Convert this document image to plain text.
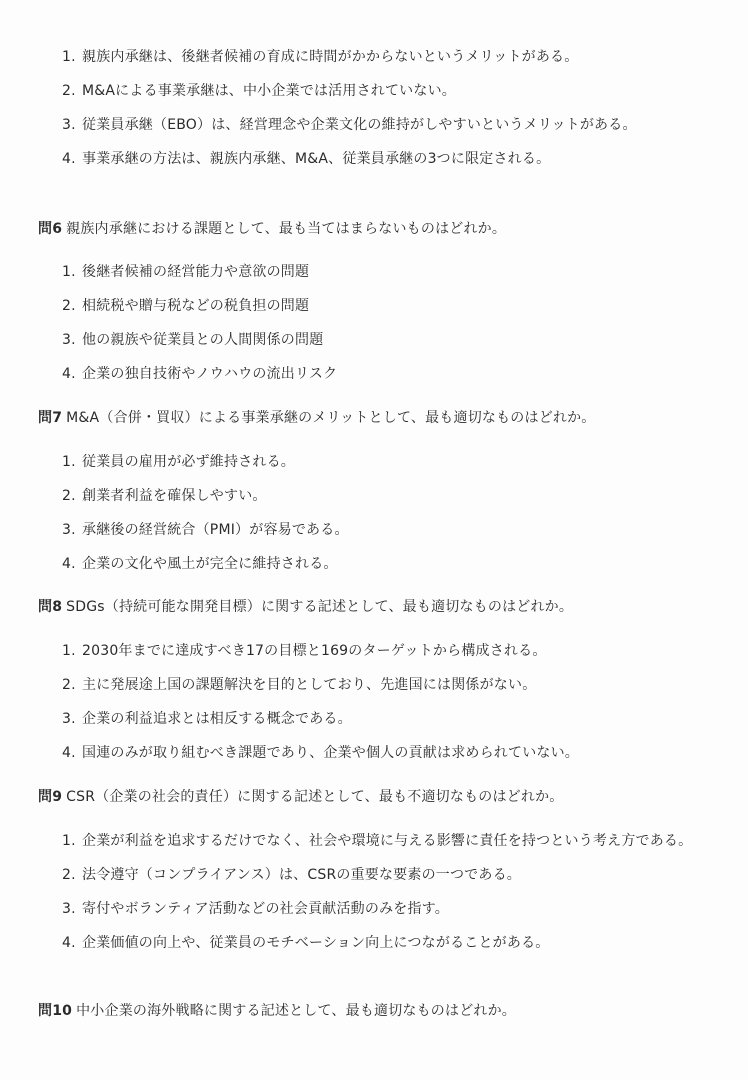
1. 親族内承継は、後継者候補の育成に時間がかからないというメリットがある。
2. M&Aによる事業承継は、中小企業では活用されていない。
3. 従業員承継（EBO）は、経営理念や企業文化の維持がしやすいというメリットがある。
4. 事業承継の方法は、親族内承継、M&A、従業員承継の3つに限定される。
問6 親族内承継における課題として、最も当てはまらないものはどれか。
1. 後継者候補の経営能力や意欲の問題
2. 相続税や贈与税などの税負担の問題
3. 他の親族や従業員との人間関係の問題
4. 企業の独自技術やノウハウの流出リスク
問7 M&A（合併・買収）による事業承継のメリットとして、最も適切なものはどれか。
1. 従業員の雇用が必ず維持される。
2. 創業者利益を確保しやすい。
3. 承継後の経営統合（PMI）が容易である。
4. 企業の文化や風土が完全に維持される。
問8 SDGs（持続可能な開発目標）に関する記述として、最も適切なものはどれか。
1. 2030年までに達成すべき17の目標と169のターゲットから構成される。
2. 主に発展途上国の課題解決を目的としており、先進国には関係がない。
3. 企業の利益追求とは相反する概念である。
4. 国連のみが取り組むべき課題であり、企業や個人の貢献は求められていない。
問9 CSR（企業の社会的責任）に関する記述として、最も不適切なものはどれか。
1. 企業が利益を追求するだけでなく、社会や環境に与える影響に責任を持つという考え方である。
2. 法令遵守（コンプライアンス）は、CSRの重要な要素の一つである。
3. 寄付やボランティア活動などの社会貢献活動のみを指す。
4. 企業価値の向上や、従業員のモチベーション向上につながることがある。
問10 中小企業の海外戦略に関する記述として、最も適切なものはどれか。
